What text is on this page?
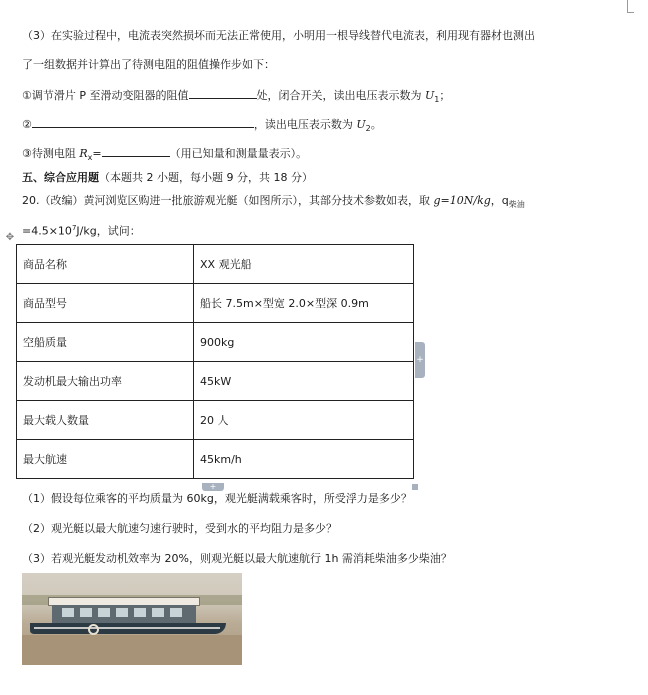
（3）在实验过程中，电流表突然损坏而无法正常使用，小明用一根导线替代电流表，利用现有器材也测出
了一组数据并计算出了待测电阻的阻值操作步如下：
①调节滑片 P 至滑动变阻器的阻值	处，闭合开关，读出电压表示数为 $U_1$；
②	，读出电压表示数为 $U_2$。
③待测电阻 $R_x=$	（用已知量和测量量表示）。
五、综合应用题（本题共 2 小题，每小题 9 分，共 18 分）
20.（改编）黄河浏览区购进一批旅游观光艇（如图所示），其部分技术参数如表，取 g=10N/kg，$q_{柴油}$
$=4.5\times 10^7J/kg$，试问：
✥
商品名称	XX 观光船
商品型号	船长 7.5m×型宽 2.0×型深 0.9m
空船质量	900kg
发动机最大输出功率	45kW
最大载人数量	20 人
最大航速	45km/h
+
+
（1）假设每位乘客的平均质量为 60kg，观光艇满载乘客时，所受浮力是多少？
（2）观光艇以最大航速匀速行驶时，受到水的平均阻力是多少？
（3）若观光艇发动机效率为 20%，则观光艇以最大航速航行 1h 需消耗柴油多少柴油？
